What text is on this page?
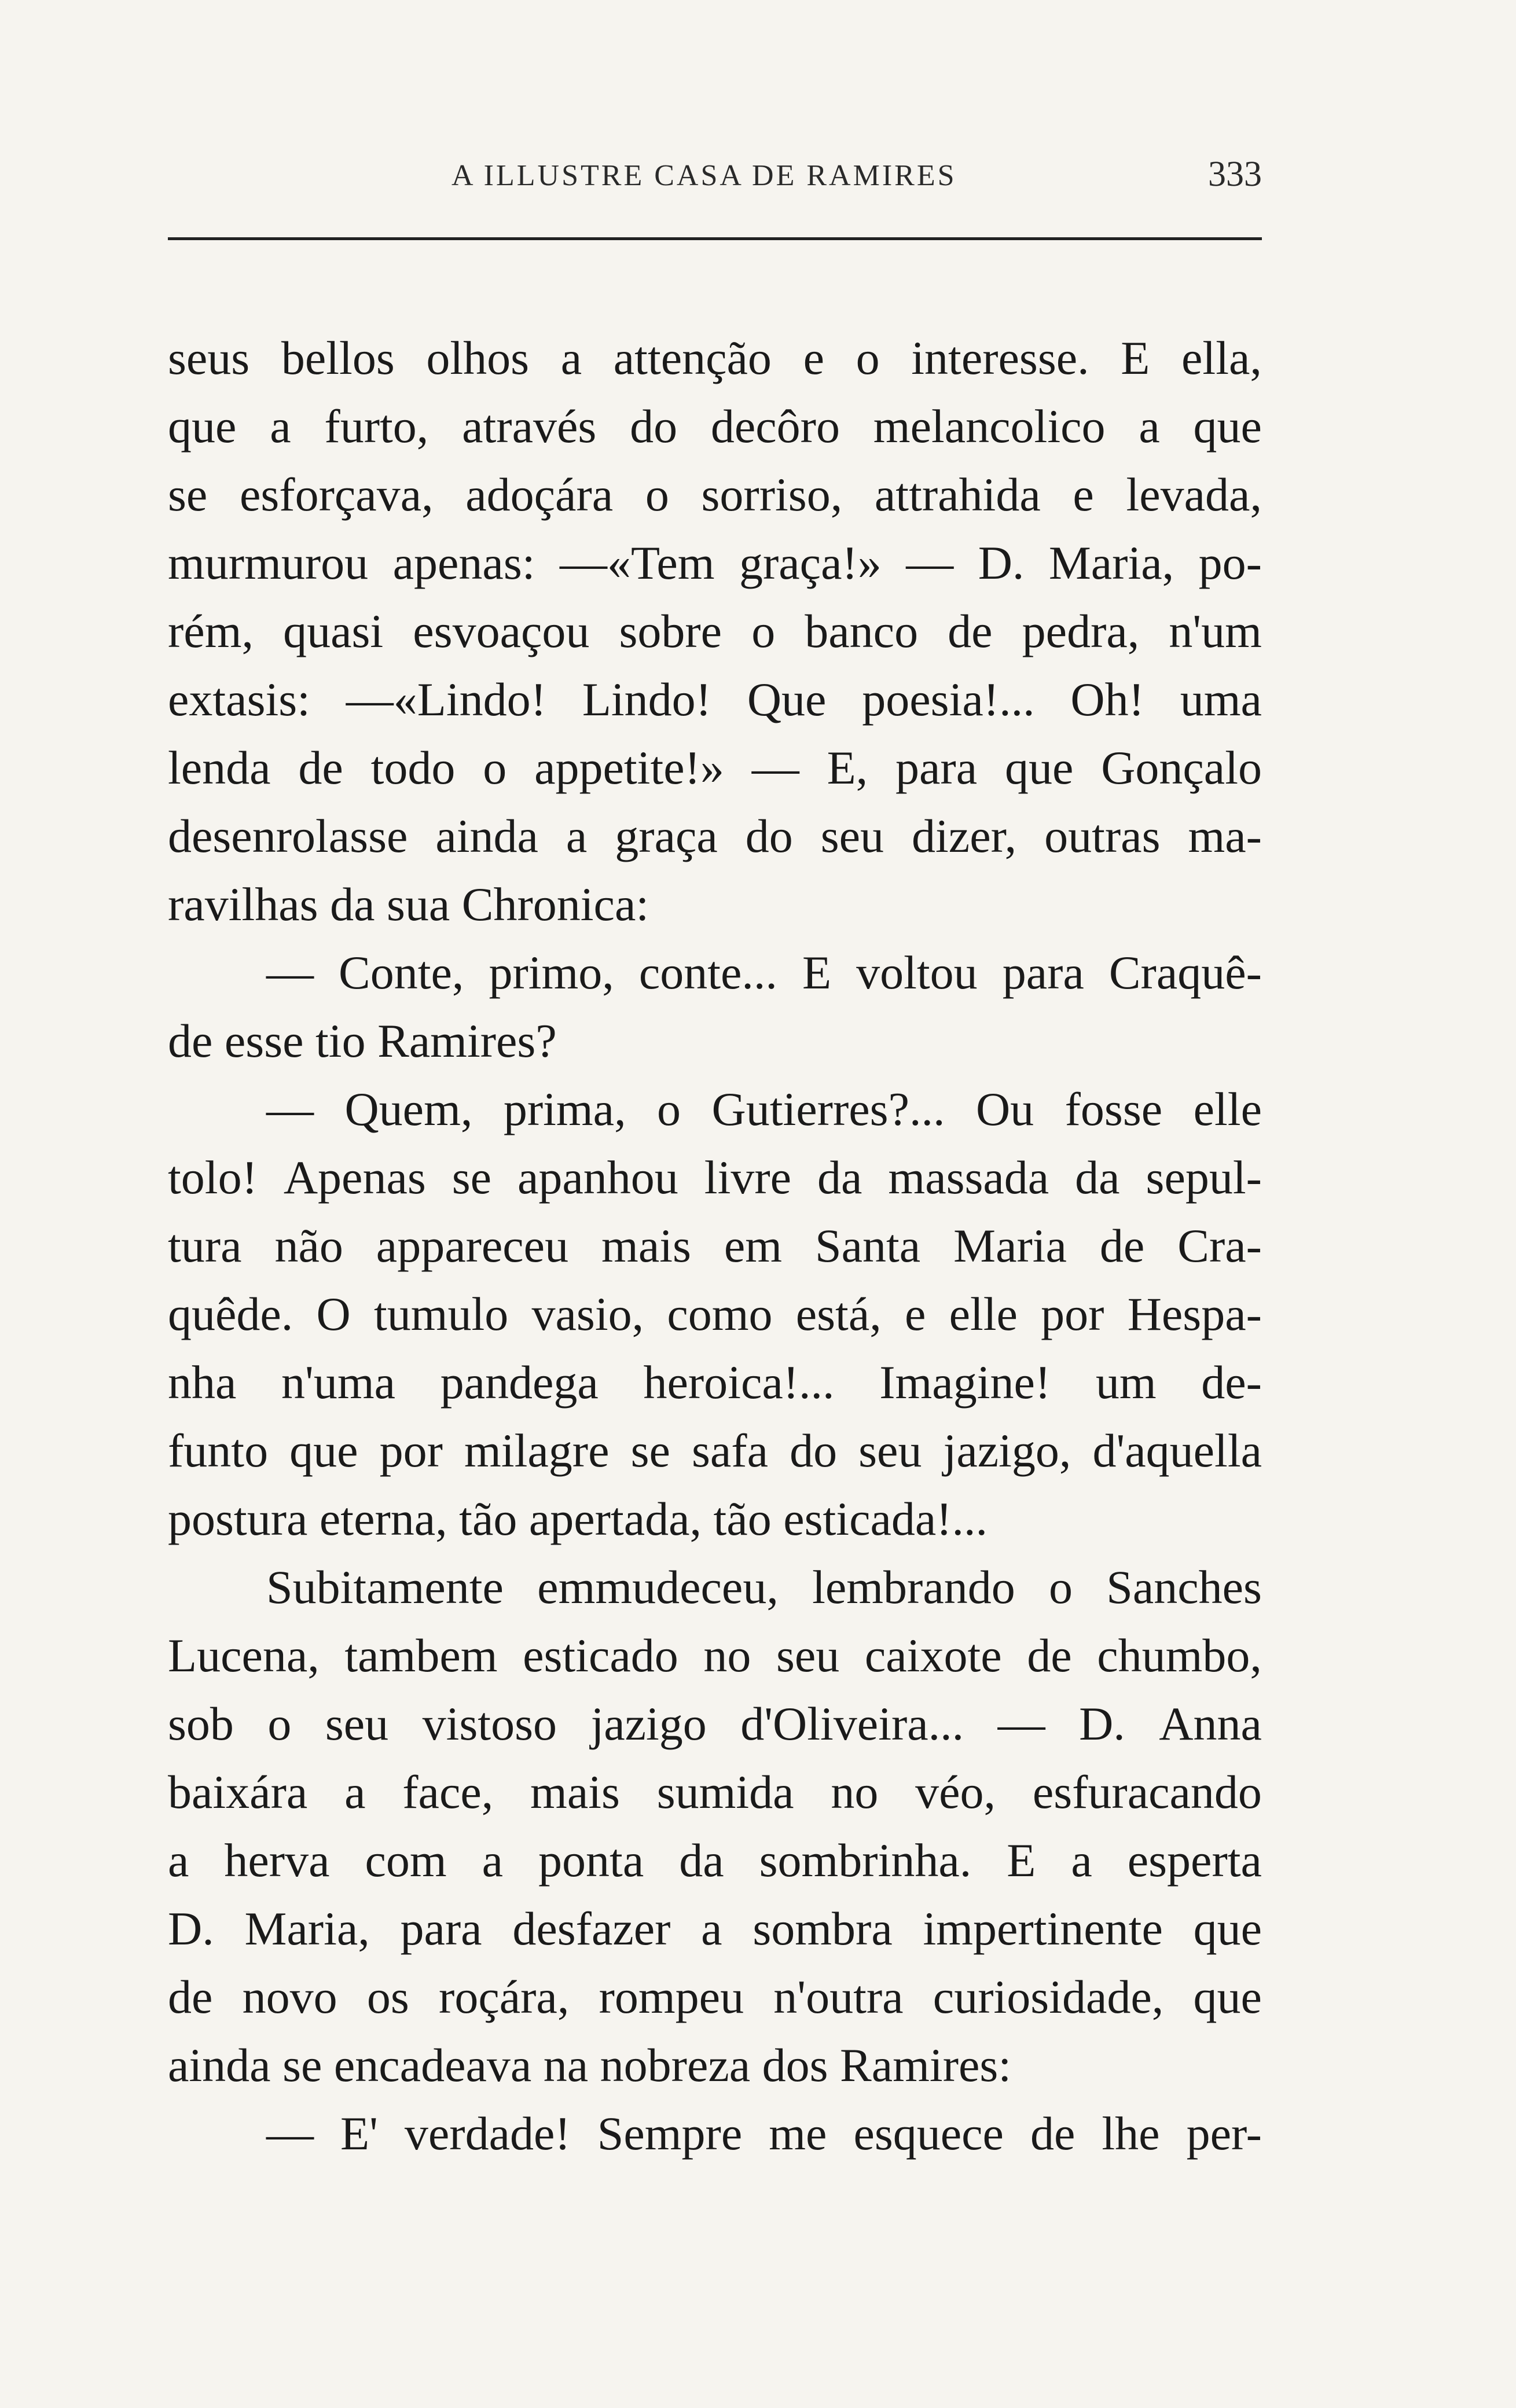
A ILLUSTRE CASA DE RAMIRES	333
seus bellos olhos a attenção e o interesse. E ella,
que a furto, através do decôro melancolico a que
se esforçava, adoçára o sorriso, attrahida e levada,
murmurou apenas: —«Tem graça!» — D. Maria, po-
rém, quasi esvoaçou sobre o banco de pedra, n'um
extasis: —«Lindo! Lindo! Que poesia!... Oh! uma
lenda de todo o appetite!» — E, para que Gonçalo
desenrolasse ainda a graça do seu dizer, outras ma-
ravilhas da sua Chronica:
— Conte, primo, conte... E voltou para Craquê-
de esse tio Ramires?
— Quem, prima, o Gutierres?... Ou fosse elle
tolo! Apenas se apanhou livre da massada da sepul-
tura não appareceu mais em Santa Maria de Cra-
quêde. O tumulo vasio, como está, e elle por Hespa-
nha n'uma pandega heroica!... Imagine! um de-
funto que por milagre se safa do seu jazigo, d'aquella
postura eterna, tão apertada, tão esticada!...
Subitamente emmudeceu, lembrando o Sanches
Lucena, tambem esticado no seu caixote de chumbo,
sob o seu vistoso jazigo d'Oliveira... — D. Anna
baixára a face, mais sumida no véo, esfuracando
a herva com a ponta da sombrinha. E a esperta
D. Maria, para desfazer a sombra impertinente que
de novo os roçára, rompeu n'outra curiosidade, que
ainda se encadeava na nobreza dos Ramires:
— E' verdade! Sempre me esquece de lhe per-
